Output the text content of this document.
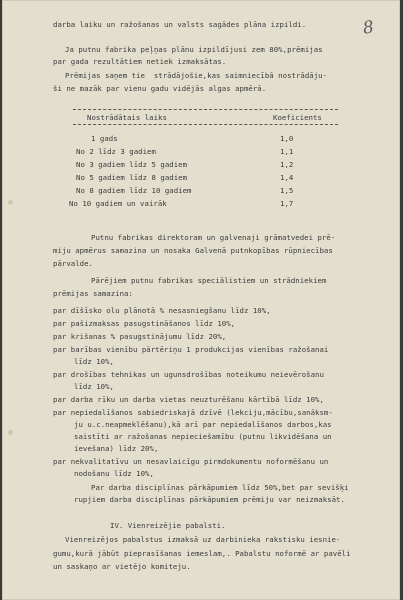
8

darba laiku un ražošanas un valsts sagādes plāna izpildi.

Ja putnu fabrika peļņas plānu izpildījusi zem 80%,prēmijas

par gada rezultātiem netiek izmaksātas.

Prēmijas saņem tie  strādājošie,kas saimniecībā nostrādāju-

ši ne mazāk par vienu gadu vidējās algas apmērā.

Nostrādātais laiks	Koeficients

1 gads	1,0

No 2 līdz 3 gadiem	1,1

No 3 gadiem līdz 5 gadiem	1,2

No 5 gadiem līdz 8 gadiem	1,4

No 8 gadiem līdz 10 gadiem	1,5

No 10 gadiem un vairāk	1,7

Putnu fabrikas direktoram un galvenaji grāmatvedei prē-

miju apmērus samazina un nosaka Galvenā putnkopības rūpniecības

pārvalde.

Pārējiem putnu fabrikas speciālistiem un strādniekiem

prēmijas samazina:

par dīšīsko olu plānotā % nesasniegšanu līdz 10%,

par pašizmaksas pasugstināšanos līdz 10%,

par krišanas % pasugstinājumu līdz 20%,

par barības vienību pārtēriņu 1 produkcijas vienības ražošanai

līdz 10%,

par drošības tehnikas un ugunsdrošības noteikumu neievērošanu

līdz 10%,

par darba rīku un darba vietas neuzturēšanu kārtībā līdz 10%,

par nepiedalīšanos sabiedriskajā dzīvē (lekciju,mācību,sanāksm-

ju u.c.neapmeklēšanu),kā arī par nepiedalīšanos darbos,kas

saistīti ar ražošanas nepieciešamību (putnu likvidēšana un

ievešana) līdz 20%,

par nekvalitatīvu un nesavlaicīgu pirmdokumentu noformēšanu un

nodošanu līdz 10%,

Par darba disciplīnas pārkāpumiem līdz 50%,bet par sevišķi

rupjiem darba disciplīnas pārkāpumiem prēmiju var neizmaksāt.

IV. Vienreizējie pabalsti.

Vienreizējos pabalstus izmaksā uz darbinieka rakstisku iesnie-

gumu,kurā jābūt pieprasīšanas iemeslam,. Pabalstu noformē ar pavēli

un saskaņo ar vietējo komiteju.
